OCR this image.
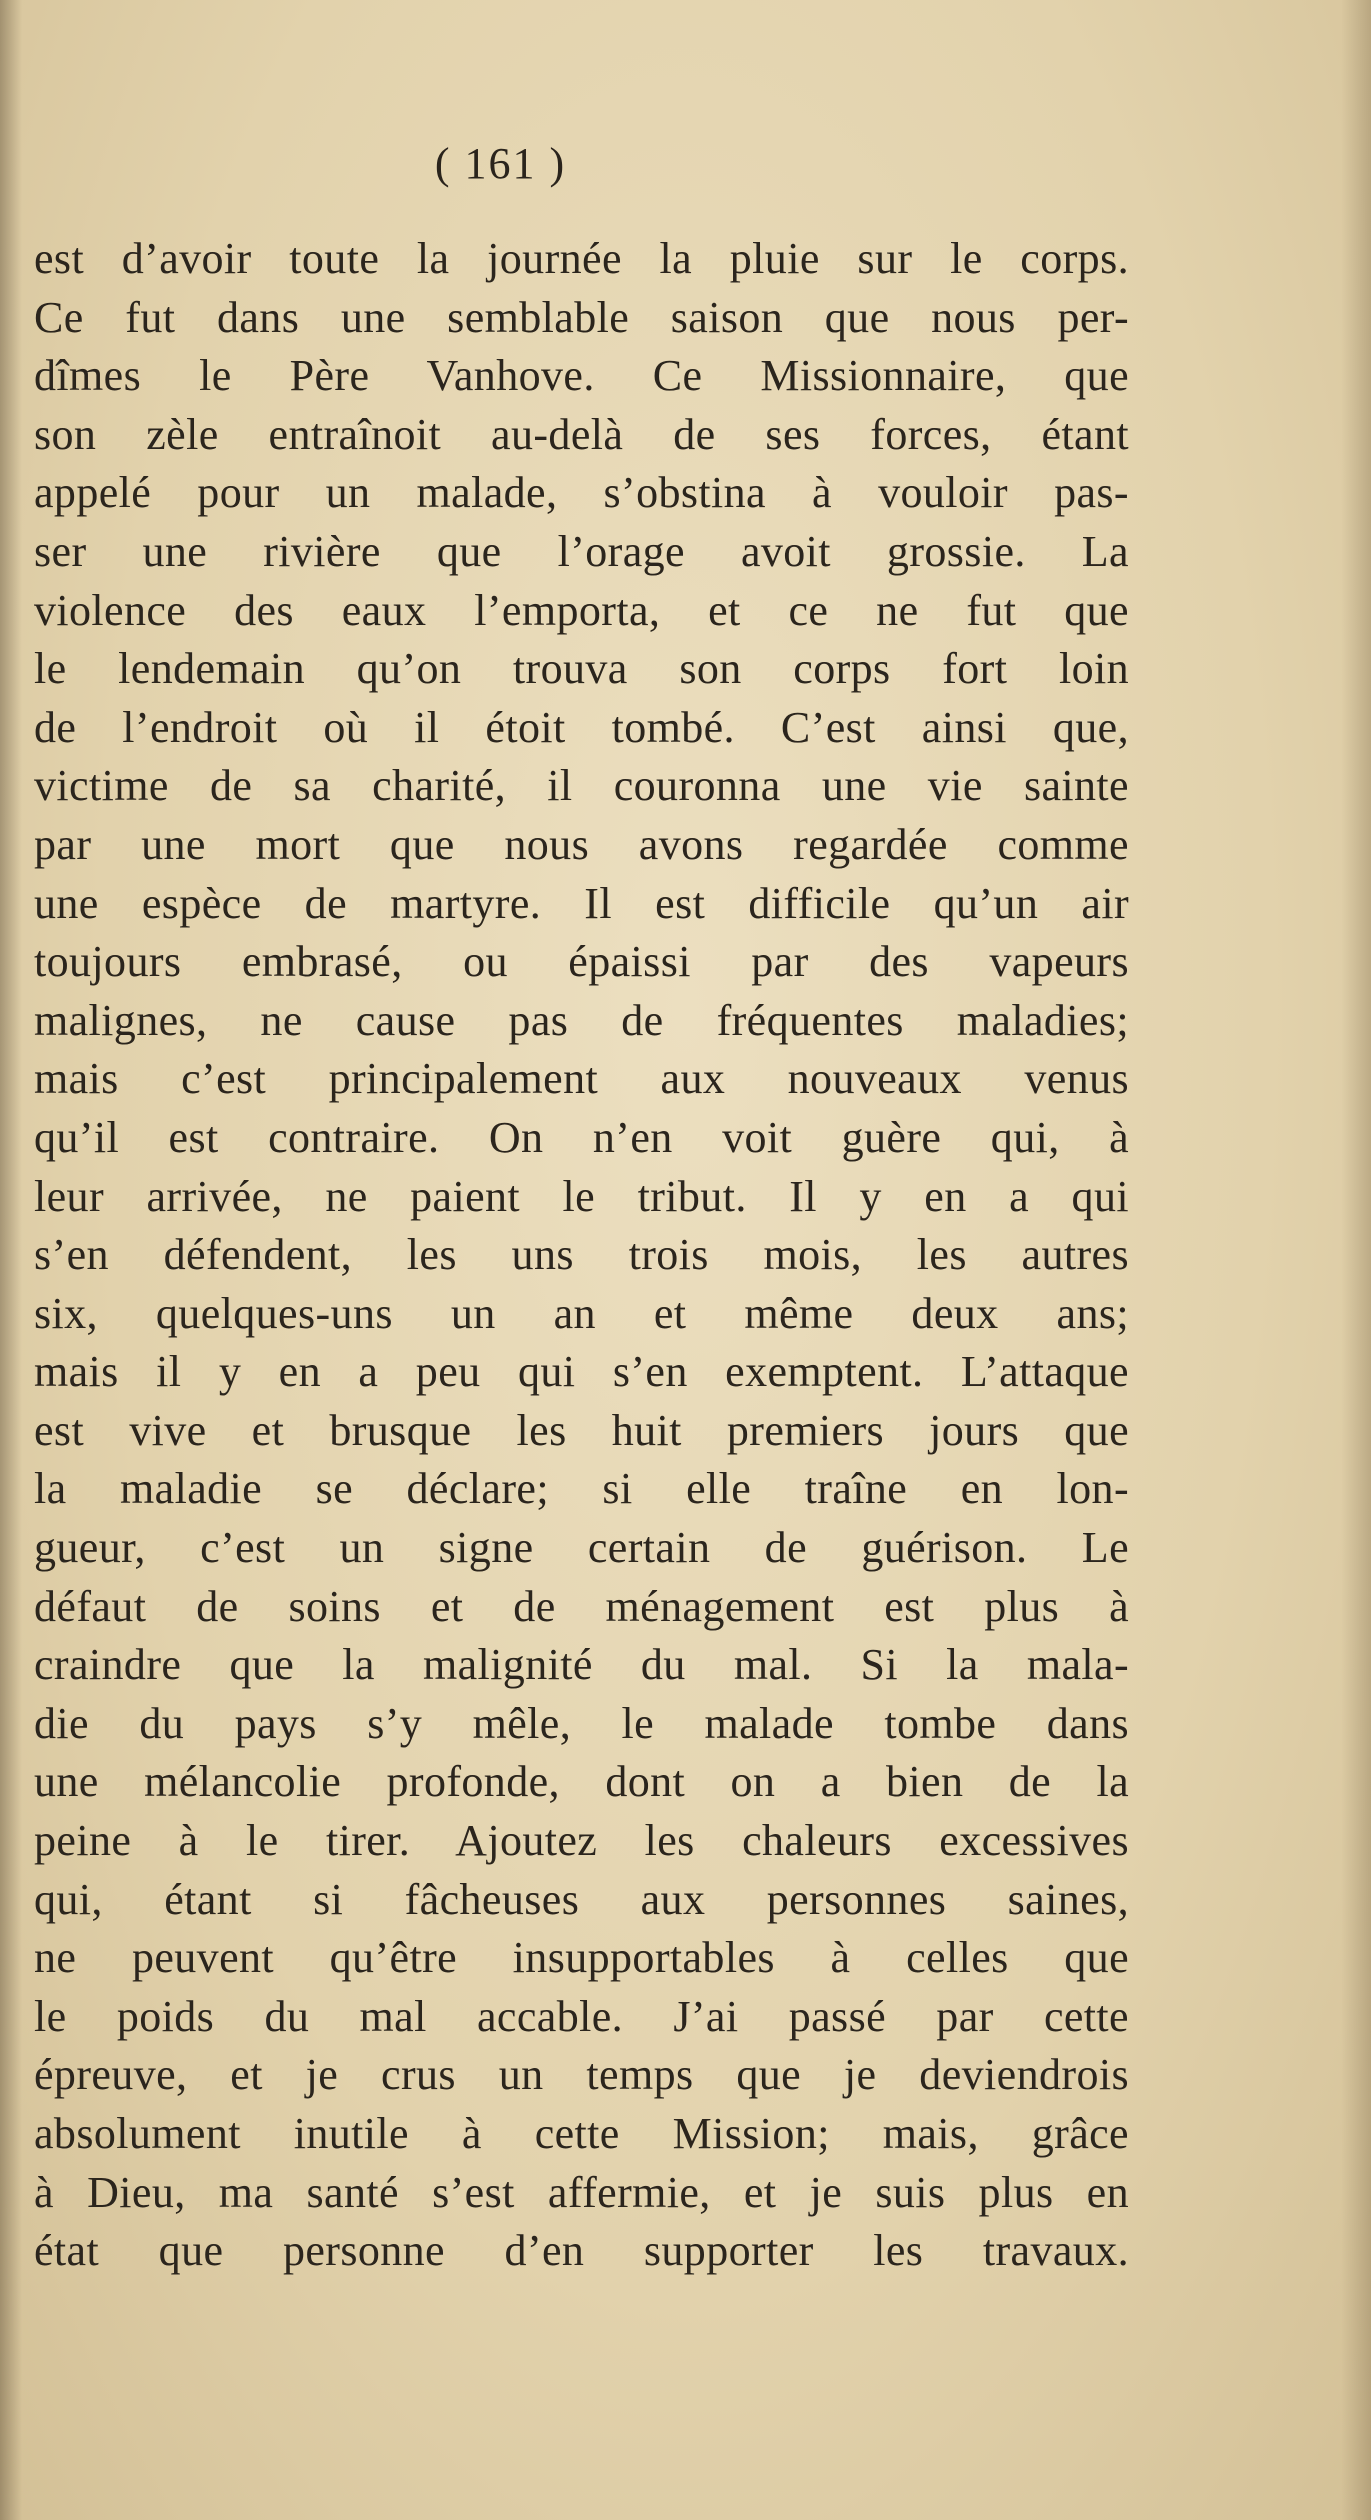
( 161 )
est d’avoir toute la journée la pluie sur le corps.
Ce fut dans une semblable saison que nous per-
dîmes le Père Vanhove. Ce Missionnaire, que
son zèle entraînoit au-delà de ses forces, étant
appelé pour un malade, s’obstina à vouloir pas-
ser une rivière que l’orage avoit grossie. La
violence des eaux l’emporta, et ce ne fut que
le lendemain qu’on trouva son corps fort loin
de l’endroit où il étoit tombé. C’est ainsi que,
victime de sa charité, il couronna une vie sainte
par une mort que nous avons regardée comme
une espèce de martyre. Il est difficile qu’un air
toujours embrasé, ou épaissi par des vapeurs
malignes, ne cause pas de fréquentes maladies;
mais c’est principalement aux nouveaux venus
qu’il est contraire. On n’en voit guère qui, à
leur arrivée, ne paient le tribut. Il y en a qui
s’en défendent, les uns trois mois, les autres
six, quelques-uns un an et même deux ans;
mais il y en a peu qui s’en exemptent. L’attaque
est vive et brusque les huit premiers jours que
la maladie se déclare; si elle traîne en lon-
gueur, c’est un signe certain de guérison. Le
défaut de soins et de ménagement est plus à
craindre que la malignité du mal. Si la mala-
die du pays s’y mêle, le malade tombe dans
une mélancolie profonde, dont on a bien de la
peine à le tirer. Ajoutez les chaleurs excessives
qui, étant si fâcheuses aux personnes saines,
ne peuvent qu’être insupportables à celles que
le poids du mal accable. J’ai passé par cette
épreuve, et je crus un temps que je deviendrois
absolument inutile à cette Mission; mais, grâce
à Dieu, ma santé s’est affermie, et je suis plus en
état que personne d’en supporter les travaux.
